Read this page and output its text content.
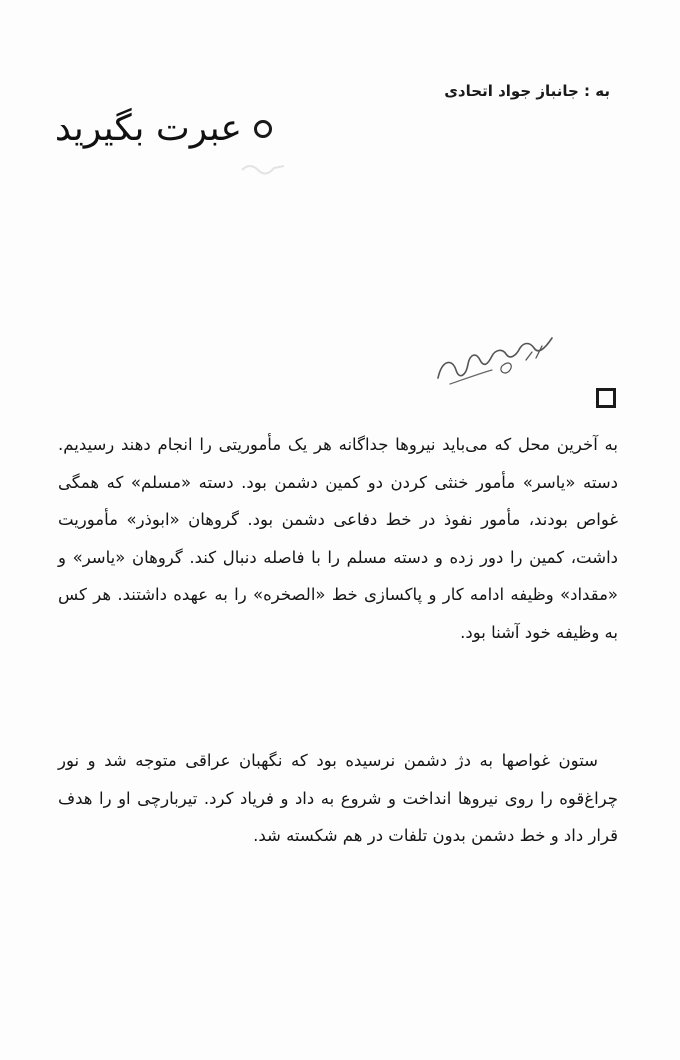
به : جانباز جواد اتحادی
عبرت بگیرید

به آخرین محل که می‌باید نیروها جداگانه هر یک مأموریتی را انجام دهند رسیدیم. دسته «یاسر» مأمور خنثی کردن دو کمین دشمن بود. دسته «مسلم» که همگی غواص بودند، مأمور نفوذ در خط دفاعی دشمن بود. گروهان «ابوذر» مأموریت داشت، کمین را دور زده و دسته مسلم را با فاصله دنبال کند. گروهان «یاسر» و «مقداد» وظیفه ادامه کار و پاکسازی خط «الصخره» را به عهده داشتند. هر کس به وظیفه خود آشنا بود.

ستون غواصها به دژ دشمن نرسیده بود که نگهبان عراقی متوجه شد و نور چراغ‌قوه را روی نیروها انداخت و شروع به داد و فریاد کرد. تیربارچی او را هدف قرار داد و خط دشمن بدون تلفات در هم شکسته شد.
